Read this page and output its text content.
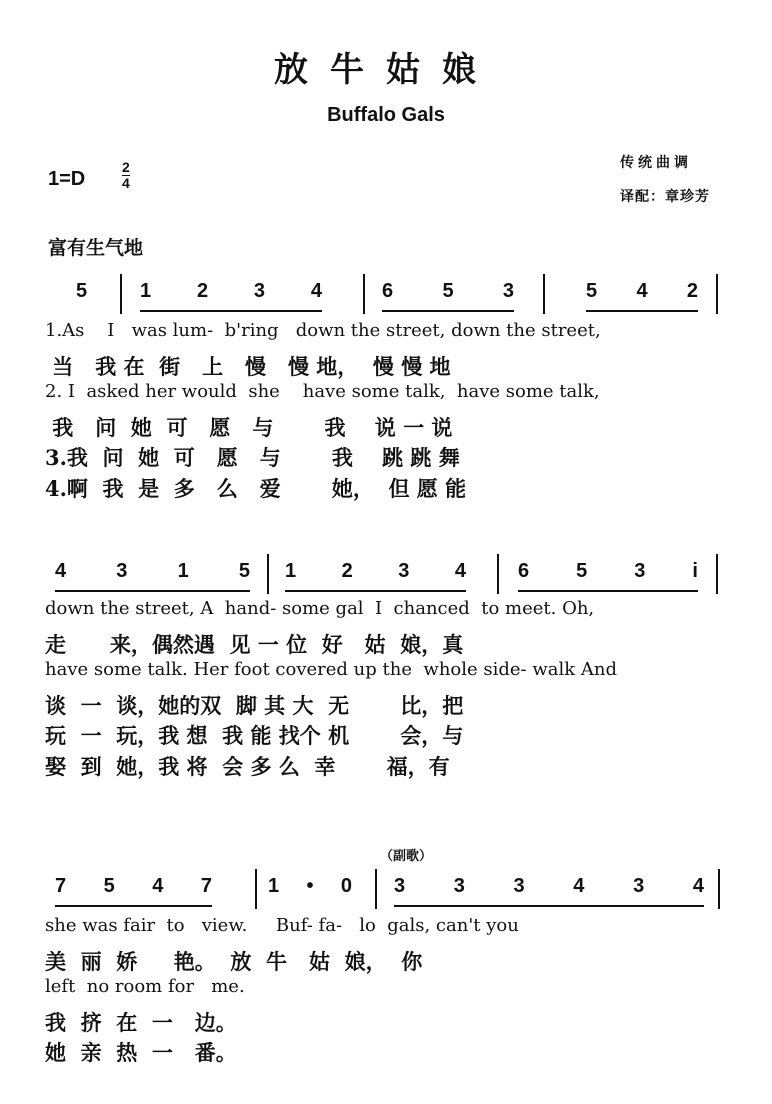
放牛姑娘
Buffalo Gals
1=D
2
4
传统曲调
译配：章珍芳
富有生气地
（副歌）
5	1 2 3 4	6 5 3	5 4 2
1.As    I   was lum-  b'ring   down the street, down the street,
当   我 在  街   上   慢   慢 地，  慢 慢 地
2. I  asked her would  she    have some talk,  have some talk,
我   问  她  可   愿   与       我    说 一 说
3.我  问  她  可   愿   与       我    跳 跳 舞
4.啊  我  是  多   么   爱       她，  但 愿 能
4	3	1	5 1 2 3 4	6 5 3 i
down the street, A  hand- some gal  I  chanced  to meet. Oh,
走      来，偶然遇  见 一 位  好   姑  娘，真
have some talk. Her foot covered up the  whole side- walk And
谈  一  谈，她的双  脚 其 大  无       比，把
玩  一  玩，我 想  我 能 找个 机       会，与
娶  到  她，我 将  会 多 么  幸       福，有
7 5 4 7	1 • 0 3 3 3 4 3 4
she was fair  to   view.     Buf- fa-   lo  gals, can't you
美  丽  娇     艳。  放  牛   姑  娘，  你
left  no room for   me.
我  挤  在  一   边。
她  亲  热  一   番。
